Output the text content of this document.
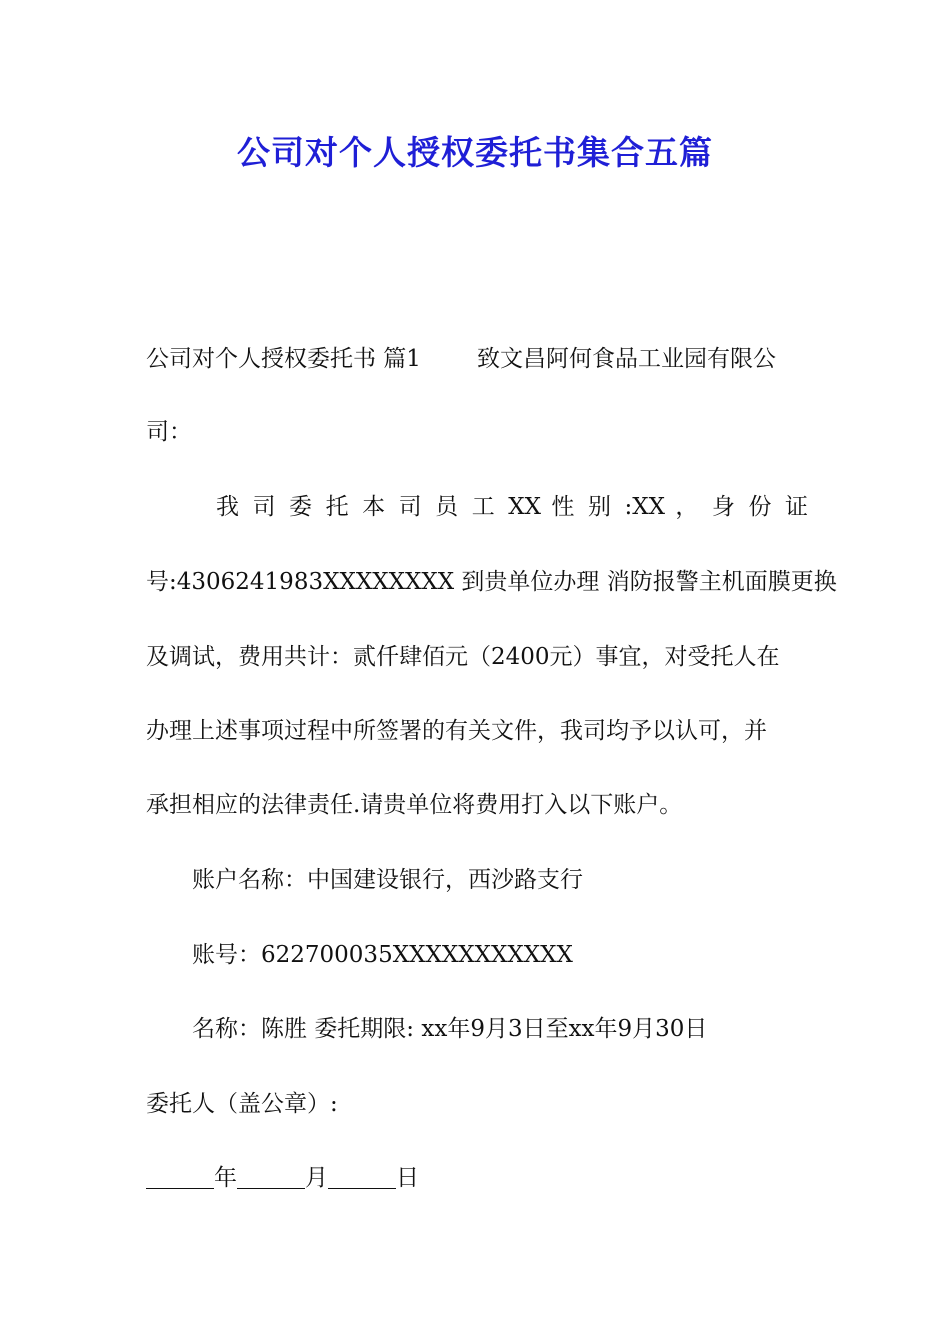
公司对个人授权委托书集合五篇
公司对个人授权委托书 篇1 致文昌阿何食品工业园有限公
司：
我 司 委 托 本 司 员 工 XX 性 别 :XX ， 身 份 证
号:4306241983XXXXXXXX 到贵单位办理 消防报警主机面膜更换
及调试，费用共计：贰仟肆佰元（2400元）事宜，对受托人在
办理上述事项过程中所签署的有关文件，我司均予以认可，并
承担相应的法律责任.请贵单位将费用打入以下账户。
账户名称：中国建设银行，西沙路支行
账号：622700035XXXXXXXXXXX
名称：陈胜 委托期限: xx年9月3日至xx年9月30日
委托人（盖公章）:
年	月	日
